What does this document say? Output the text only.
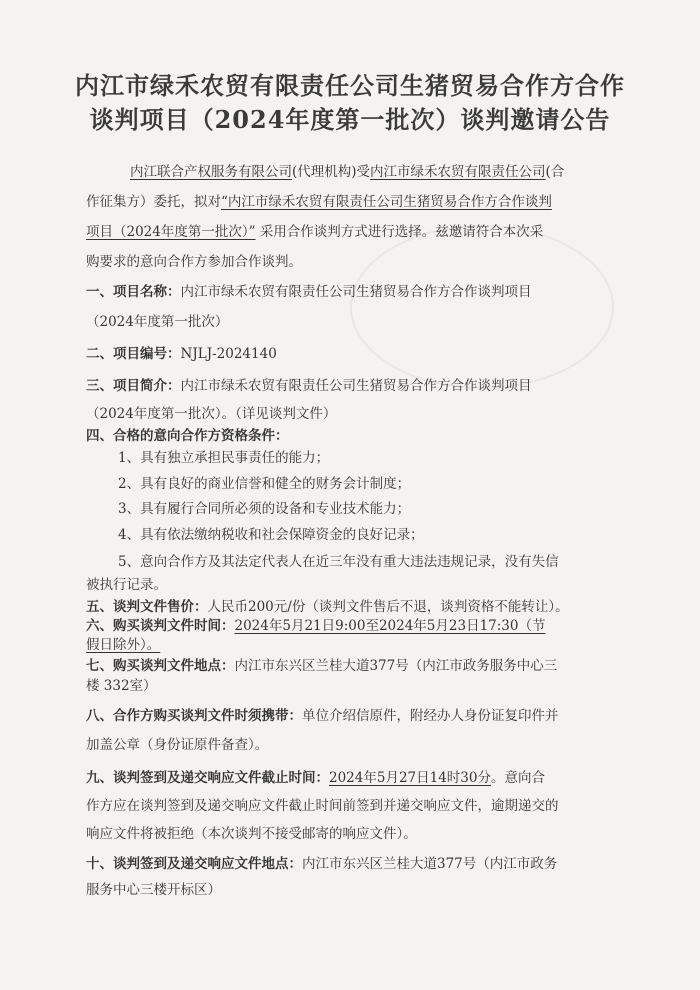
内江市绿禾农贸有限责任公司生猪贸易合作方合作
谈判项目（2024年度第一批次）谈判邀请公告
内江联合产权服务有限公司(代理机构)受内江市绿禾农贸有限责任公司(合
作征集方）委托，拟对“内江市绿禾农贸有限责任公司生猪贸易合作方合作谈判
项目（2024年度第一批次）” 采用合作谈判方式进行选择。兹邀请符合本次采
购要求的意向合作方参加合作谈判。
一、项目名称：内江市绿禾农贸有限责任公司生猪贸易合作方合作谈判项目
（2024年度第一批次）
二、项目编号：NJLJ-2024140
三、项目简介：内江市绿禾农贸有限责任公司生猪贸易合作方合作谈判项目
（2024年度第一批次）。（详见谈判文件）
四、合格的意向合作方资格条件：
1、具有独立承担民事责任的能力；
2、具有良好的商业信誉和健全的财务会计制度；
3、具有履行合同所必须的设备和专业技术能力；
4、具有依法缴纳税收和社会保障资金的良好记录；
5、意向合作方及其法定代表人在近三年没有重大违法违规记录，没有失信
被执行记录。
五、谈判文件售价：人民币200元/份（谈判文件售后不退，谈判资格不能转让）。
六、购买谈判文件时间：2024年5月21日9:00至2024年5月23日17:30（节
假日除外）。
七、购买谈判文件地点：内江市东兴区兰桂大道377号（内江市政务服务中心三
楼 332室）
八、合作方购买谈判文件时须携带：单位介绍信原件，附经办人身份证复印件并
加盖公章（身份证原件备查）。
九、谈判签到及递交响应文件截止时间：2024年5月27日14时30分。意向合
作方应在谈判签到及递交响应文件截止时间前签到并递交响应文件，逾期递交的
响应文件将被拒绝（本次谈判不接受邮寄的响应文件）。
十、谈判签到及递交响应文件地点：内江市东兴区兰桂大道377号（内江市政务
服务中心三楼开标区）
